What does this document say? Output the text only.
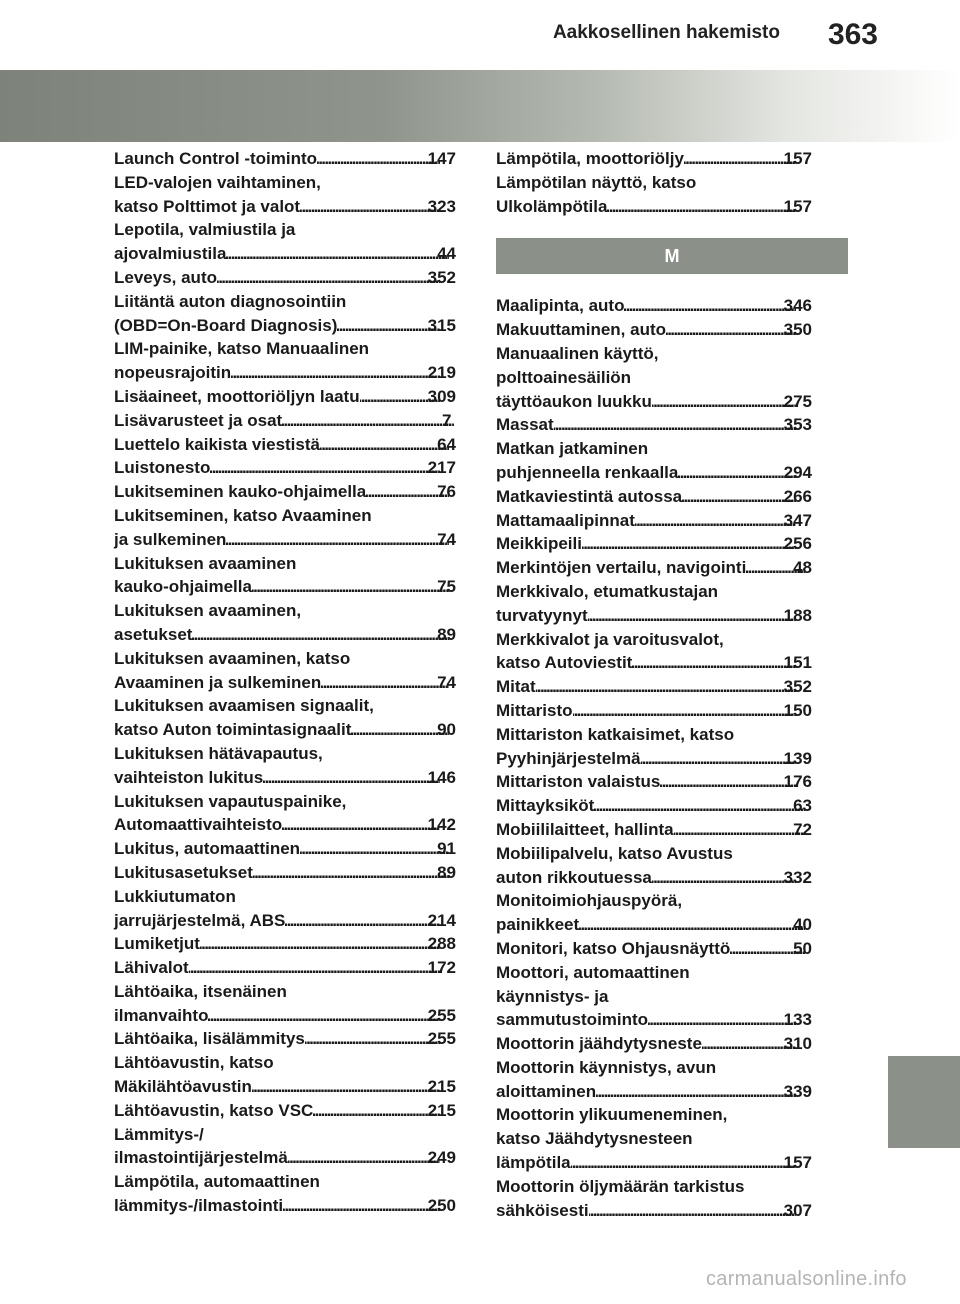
Aakkosellinen hakemisto 363
Launch Control -toiminto . . .	147
LED-valojen vaihtaminen,
katso Polttimot ja valot . . .	323
Lepotila, valmiustila ja
ajovalmiustila . . .	44
Leveys, auto . . .	352
Liitäntä auton diagnosointiin
(OBD=On-Board Diagnosis) . . .	315
LIM-painike, katso Manuaalinen
nopeusrajoitin . . .	219
Lisäaineet, moottoriöljyn laatu . . .	309
Lisävarusteet ja osat . . .	7
Luettelo kaikista viestistä . . .	64
Luistonesto . . .	217
Lukitseminen kauko-ohjaimella . . .	76
Lukitseminen, katso Avaaminen
ja sulkeminen . . .	74
Lukituksen avaaminen
kauko-ohjaimella . . .	75
Lukituksen avaaminen,
asetukset . . .	89
Lukituksen avaaminen, katso
Avaaminen ja sulkeminen . . .	74
Lukituksen avaamisen signaalit,
katso Auton toimintasignaalit . . .	90
Lukituksen hätävapautus,
vaihteiston lukitus . . .	146
Lukituksen vapautuspainike,
Automaattivaihteisto . . .	142
Lukitus, automaattinen . . .	91
Lukitusasetukset . . .	89
Lukkiutumaton
jarrujärjestelmä, ABS . . .	214
Lumiketjut . . .	288
Lähivalot . . .	172
Lähtöaika, itsenäinen
ilmanvaihto . . .	255
Lähtöaika, lisälämmitys . . .	255
Lähtöavustin, katso
Mäkilähtöavustin . . .	215
Lähtöavustin, katso VSC . . .	215
Lämmitys-/
ilmastointijärjestelmä . . .	249
Lämpötila, automaattinen
lämmitys-/ilmastointi . . .	250
Lämpötila, moottoriöljy . . .	157
Lämpötilan näyttö, katso
Ulkolämpötila . . .	157
M
Maalipinta, auto . . .	346
Makuuttaminen, auto . . .	350
Manuaalinen käyttö,
polttoainesäiliön
täyttöaukon luukku . . .	275
Massat . . .	353
Matkan jatkaminen
puhjenneella renkaalla . . .	294
Matkaviestintä autossa . . .	266
Mattamaalipinnat . . .	347
Meikkipeili . . .	256
Merkintöjen vertailu, navigointi . . .	48
Merkkivalo, etumatkustajan
turvatyynyt . . .	188
Merkkivalot ja varoitusvalot,
katso Autoviestit . . .	151
Mitat . . .	352
Mittaristo . . .	150
Mittariston katkaisimet, katso
Pyyhinjärjestelmä . . .	139
Mittariston valaistus . . .	176
Mittayksiköt . . .	63
Mobiililaitteet, hallinta . . .	72
Mobiilipalvelu, katso Avustus
auton rikkoutuessa . . .	332
Monitoimiohjauspyörä,
painikkeet . . .	40
Monitori, katso Ohjausnäyttö . . .	50
Moottori, automaattinen
käynnistys- ja
sammutustoiminto . . .	133
Moottorin jäähdytysneste . . .	310
Moottorin käynnistys, avun
aloittaminen . . .	339
Moottorin ylikuumeneminen,
katso Jäähdytysnesteen
lämpötila . . .	157
Moottorin öljymäärän tarkistus
sähköisesti . . .	307
carmanualsonline.info
